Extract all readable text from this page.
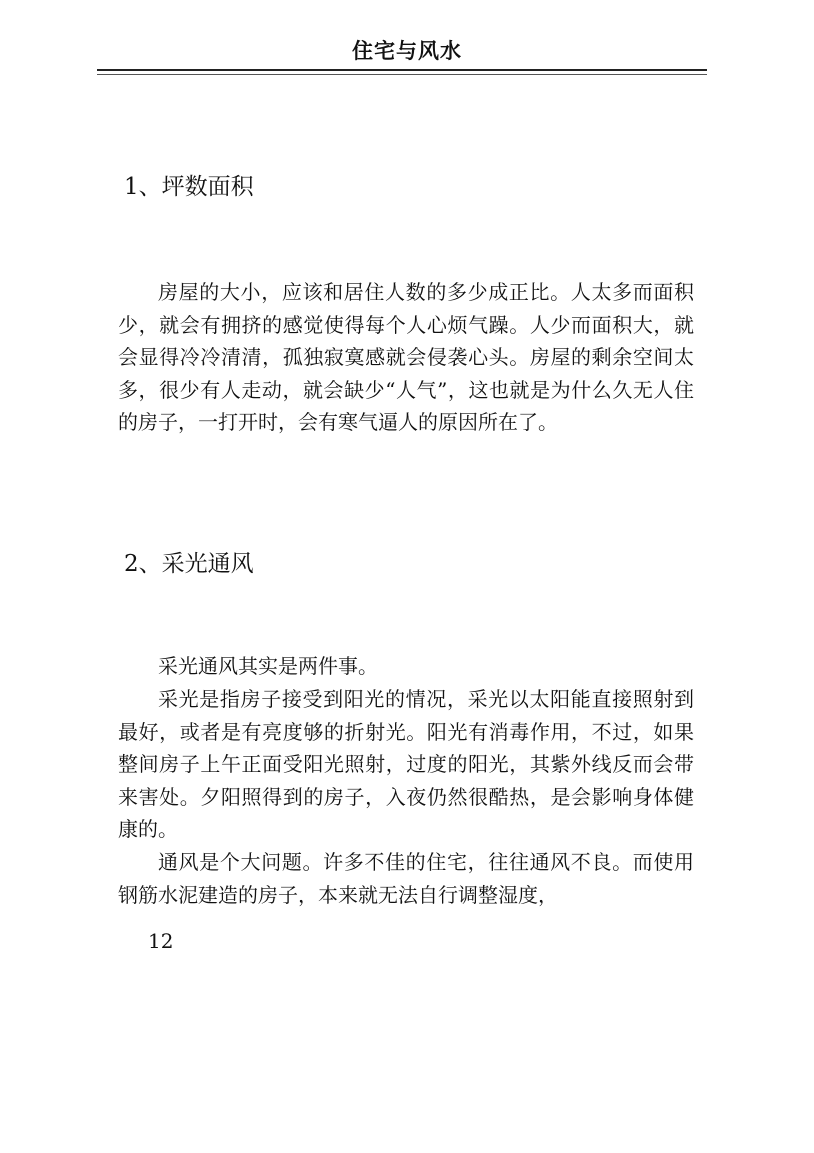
住宅与风水
1、坪数面积

房屋的大小，应该和居住人数的多少成正比。人太多而面积少，就会有拥挤的感觉使得每个人心烦气躁。人少而面积大，就会显得冷冷清清，孤独寂寞感就会侵袭心头。房屋的剩余空间太多，很少有人走动，就会缺少“人气”，这也就是为什么久无人住的房子，一打开时，会有寒气逼人的原因所在了。

2、采光通风

采光通风其实是两件事。

采光是指房子接受到阳光的情况，采光以太阳能直接照射到最好，或者是有亮度够的折射光。阳光有消毒作用，不过，如果整间房子上午正面受阳光照射，过度的阳光，其紫外线反而会带来害处。夕阳照得到的房子，入夜仍然很酷热，是会影响身体健康的。

通风是个大问题。许多不佳的住宅，往往通风不良。而使用钢筋水泥建造的房子，本来就无法自行调整湿度，

12
